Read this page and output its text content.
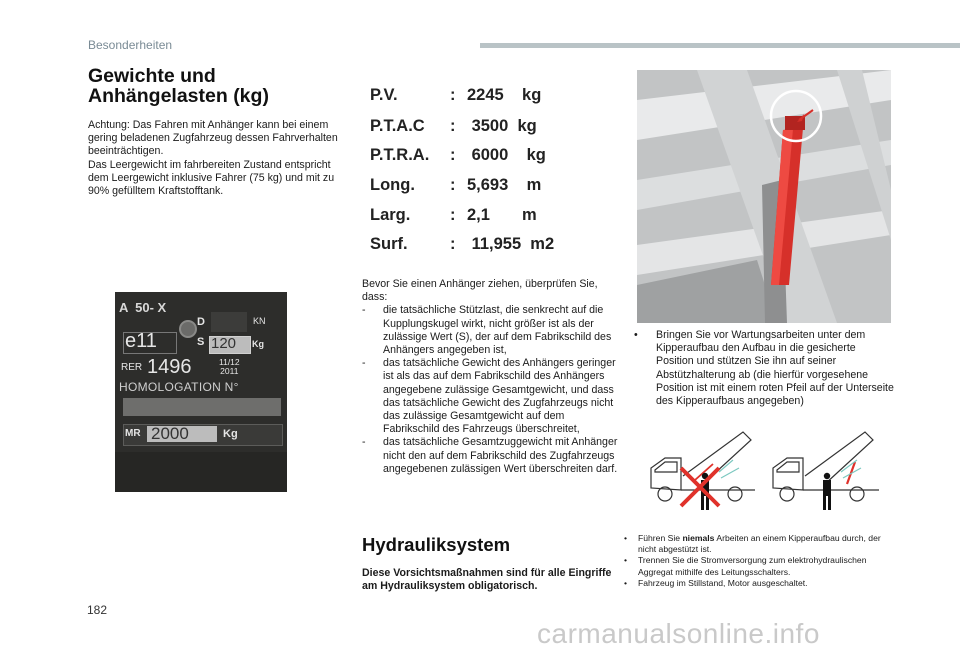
Besonderheiten
Gewichte und
Anhängelasten (kg)

Achtung: Das Fahren mit Anhänger kann bei einem gering beladenen Zugfahrzeug dessen Fahrverhalten beeinträchtigen.

Das Leergewicht im fahrbereiten Zustand entspricht dem Leergewicht inklusive Fahrer (75 kg) und mit zu 90% gefülltem Kraftstofftank.

P.V.	: 2245    kg
P.T.A.C : 3500  kg
P.T.R.A. : 6000    kg
Long. : 5,693    m
Larg. : 2,1       m
Surf.	: 11,955  m2
A  50- X
D	KN
e11	S 120 Kg
RER 1496	11/12
2011
HOMOLOGATION N°
MR 2000	Kg

Bevor Sie einen Anhänger ziehen, überprüfen Sie, dass:

- die tatsächliche Stützlast, die senkrecht auf die Kupplungskugel wirkt, nicht größer ist als der zulässige Wert (S), der auf dem Fabrikschild des Anhängers angegeben ist,
- das tatsächliche Gewicht des Anhängers geringer ist als das auf dem Fabrikschild des Anhängers angegebene zulässige Gesamtgewicht, und dass das tatsächliche Gewicht des Zugfahrzeugs nicht das zulässige Gesamtgewicht auf dem Fabrikschild des Fahrzeugs überschreitet,
- das tatsächliche Gesamtzuggewicht mit Anhänger nicht den auf dem Fabrikschild des Zugfahrzeugs angegebenen zulässigen Wert überschreiten darf.
Hydrauliksystem
Diese Vorsichtsmaßnahmen sind für alle Eingriffe am Hydrauliksystem obligatorisch.
• Bringen Sie vor Wartungsarbeiten unter dem Kipperaufbau den Aufbau in die gesicherte Position und stützen Sie ihn auf seiner Abstützhalterung ab (die hierfür vorgesehene Position ist mit einem roten Pfeil auf der Unterseite des Kipperaufbaus angegeben)
• Führen Sie niemals Arbeiten an einem Kipperaufbau durch, der nicht abgestützt ist.
• Trennen Sie die Stromversorgung zum elektrohydraulischen Aggregat mithilfe des Leitungsschalters.
• Fahrzeug im Stillstand, Motor ausgeschaltet.
182
carmanualsonline.info
